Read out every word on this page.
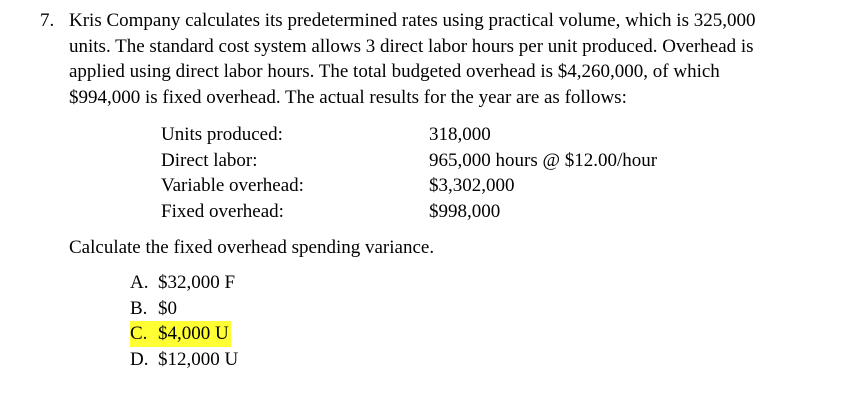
7. Kris Company calculates its predetermined rates using practical volume, which is 325,000 units. The standard cost system allows 3 direct labor hours per unit produced. Overhead is applied using direct labor hours. The total budgeted overhead is $4,260,000, of which $994,000 is fixed overhead. The actual results for the year are as follows:
Units produced:	318,000
Direct labor:	965,000 hours @ $12.00/hour
Variable overhead:	$3,302,000
Fixed overhead:	$998,000
Calculate the fixed overhead spending variance.
A. $32,000 F
B. $0
C. $4,000 U
D. $12,000 U
